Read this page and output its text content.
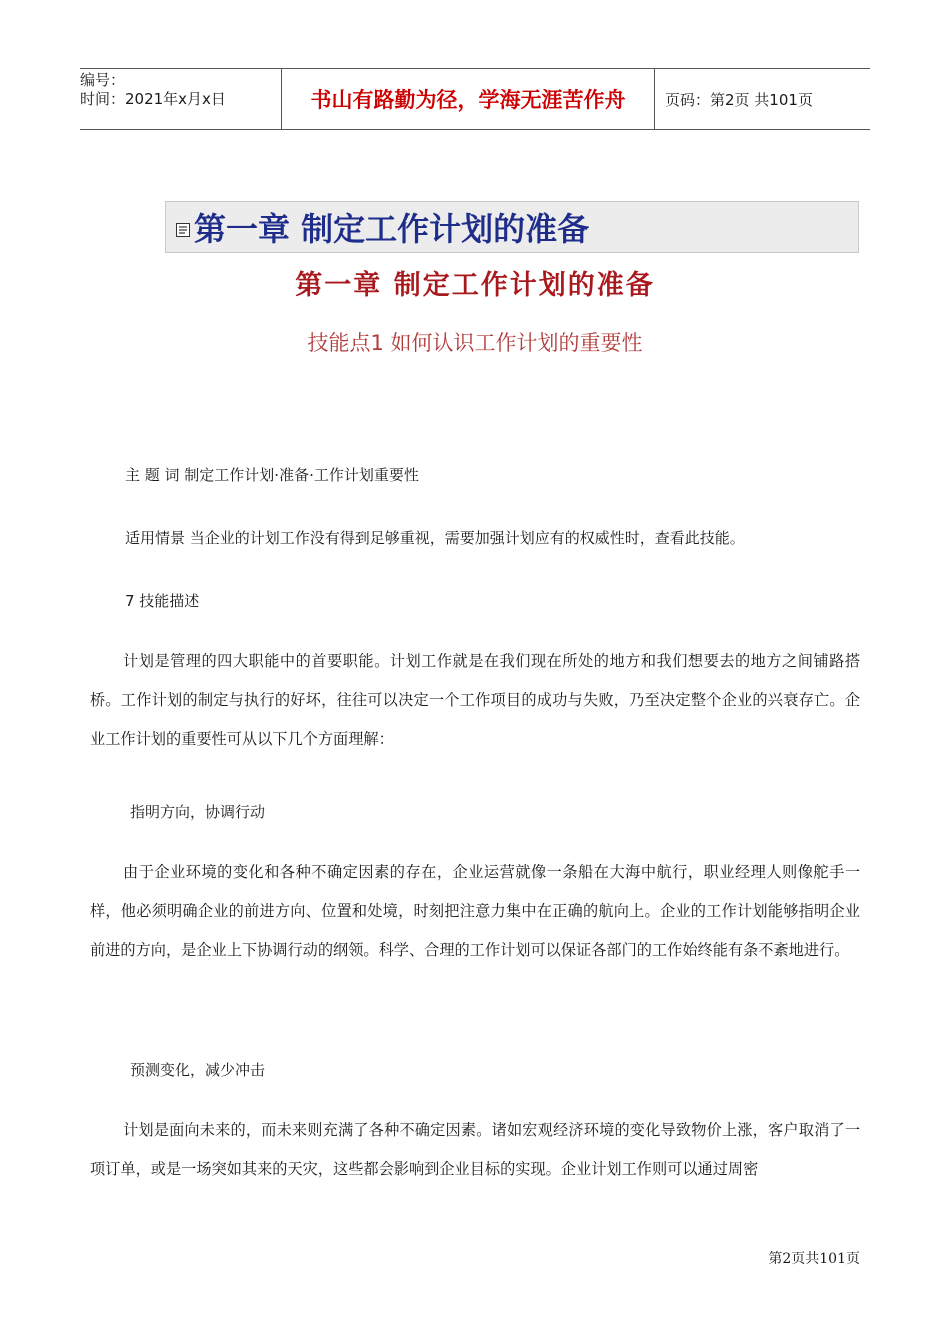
编号：
时间：2021年x月x日	书山有路勤为径，学海无涯苦作舟	页码：第2页 共101页
第一章 制定工作计划的准备
第一章 制定工作计划的准备
技能点1 如何认识工作计划的重要性
主 题 词 制定工作计划·准备·工作计划重要性
适用情景 当企业的计划工作没有得到足够重视，需要加强计划应有的权威性时，查看此技能。
7 技能描述
计划是管理的四大职能中的首要职能。计划工作就是在我们现在所处的地方和我们想要去的地方之间铺路搭桥。工作计划的制定与执行的好坏，往往可以决定一个工作项目的成功与失败，乃至决定整个企业的兴衰存亡。企业工作计划的重要性可从以下几个方面理解：
指明方向，协调行动
由于企业环境的变化和各种不确定因素的存在，企业运营就像一条船在大海中航行，职业经理人则像舵手一样，他必须明确企业的前进方向、位置和处境，时刻把注意力集中在正确的航向上。企业的工作计划能够指明企业前进的方向，是企业上下协调行动的纲领。科学、合理的工作计划可以保证各部门的工作始终能有条不紊地进行。
预测变化，减少冲击
计划是面向未来的，而未来则充满了各种不确定因素。诸如宏观经济环境的变化导致物价上涨，客户取消了一项订单，或是一场突如其来的天灾，这些都会影响到企业目标的实现。企业计划工作则可以通过周密
第2页共101页
